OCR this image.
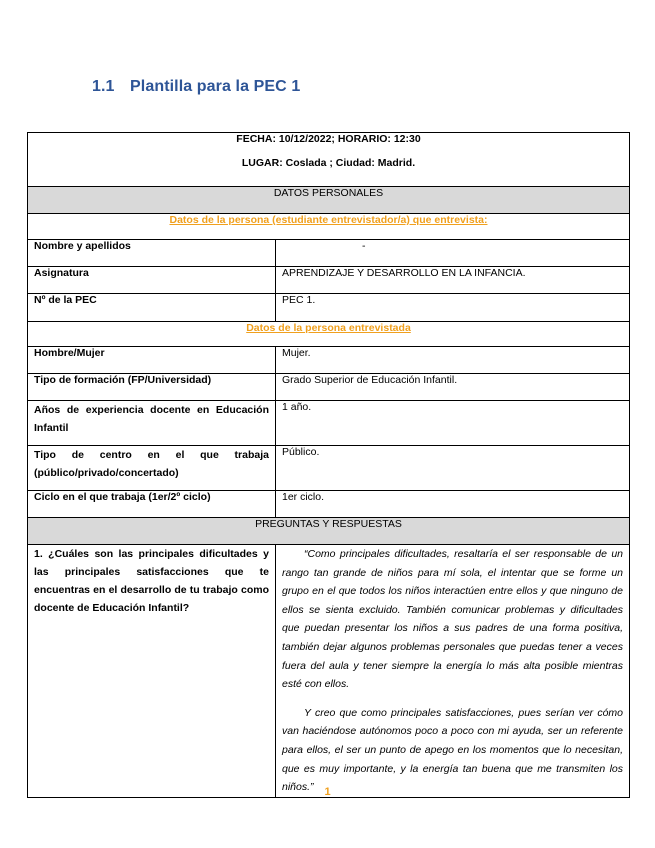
1.1 Plantilla para la PEC 1
FECHA: 10/12/2022; HORARIO: 12:30
LUGAR: Coslada ; Ciudad: Madrid.	

DATOS PERSONALES	
Datos de la persona (estudiante entrevistador/a) que entrevista:	
Nombre y apellidos	-
Asignatura	APRENDIZAJE Y DESARROLLO EN LA INFANCIA.
Nº de la PEC	PEC 1.
Datos de la persona entrevistada	
Hombre/Mujer	Mujer.
Tipo de formación (FP/Universidad)	Grado Superior de Educación Infantil.
Años de experiencia docente en Educación Infantil	1 año.
Tipo de centro en el que trabaja (público/privado/concertado)	Público.
Ciclo en el que trabaja (1er/2º ciclo)	1er ciclo.
PREGUNTAS Y RESPUESTAS	
1. ¿Cuáles son las principales dificultades y las principales satisfacciones que te encuentras en el desarrollo de tu trabajo como docente de Educación Infantil?	“Como principales dificultades, resaltaría el ser responsable de un rango tan grande de niños para mí sola, el intentar que se forme un grupo en el que todos los niños interactúen entre ellos y que ninguno de ellos se sienta excluido. También comunicar problemas y dificultades que puedan presentar los niños a sus padres de una forma positiva, también dejar algunos problemas personales que puedas tener a veces fuera del aula y tener siempre la energía lo más alta posible mientras esté con ellos.

Y creo que como principales satisfacciones, pues serían ver cómo van haciéndose autónomos poco a poco con mi ayuda, ser un referente para ellos, el ser un punto de apego en los momentos que lo necesitan, que es muy importante, y la energía tan buena que me transmiten los niños.” 1
